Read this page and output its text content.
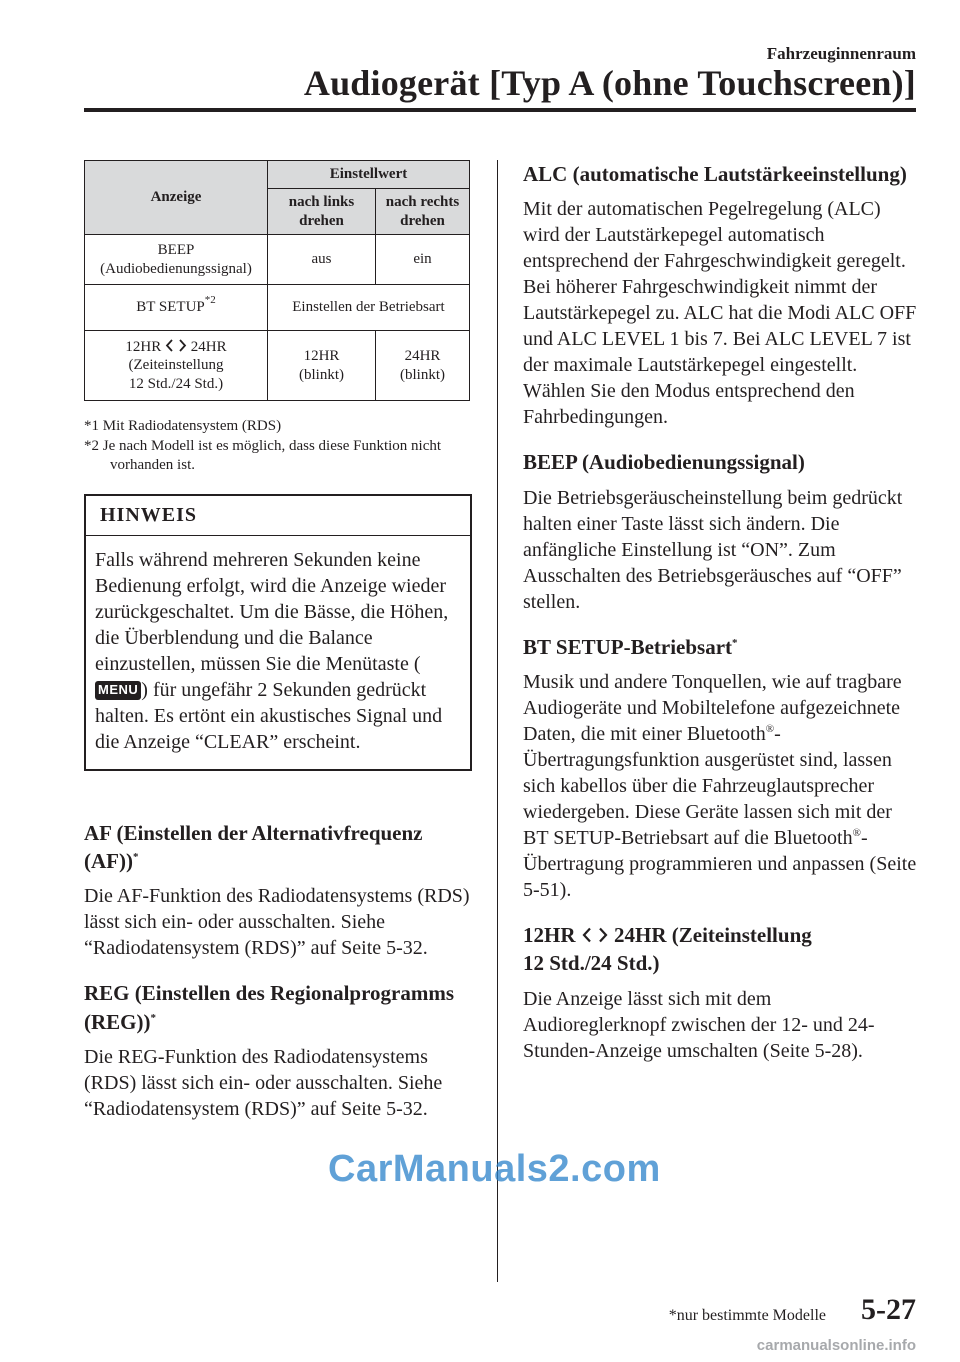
Fahrzeuginnenraum
Audiogerät [Typ A (ohne Touchscreen)]
Anzeige	Einstellwert	
	nach links drehen	nach rechts drehen
BEEP
(Audiobedienungssignal)	aus	ein
BT SETUP$^{*2}$	Einstellen der Betriebsart	
12HR 24HR
(Zeiteinstellung
12 Std./24 Std.)	12HR (blinkt)	24HR (blinkt)
*1 Mit Radiodatensystem (RDS)
*2 Je nach Modell ist es möglich, dass diese Funktion nicht vorhanden ist.
HINWEIS
Falls während mehreren Sekunden keine Bedienung erfolgt, wird die Anzeige wieder zurückgeschaltet. Um die Bässe, die Höhen, die Überblendung und die Balance einzustellen, müssen Sie die Menütaste (MENU ) für ungefähr 2 Sekunden gedrückt halten. Es ertönt ein akustisches Signal und die Anzeige “CLEAR” erscheint.
AF (Einstellen der Alternativfrequenz (AF))*

Die AF-Funktion des Radiodatensystems (RDS) lässt sich ein- oder ausschalten. Siehe “Radiodatensystem (RDS)” auf Seite 5-32.

REG (Einstellen des Regionalprogramms (REG))*

Die REG-Funktion des Radiodatensystems (RDS) lässt sich ein- oder ausschalten. Siehe “Radiodatensystem (RDS)” auf Seite 5-32.

ALC (automatische Lautstärkeeinstellung)

Mit der automatischen Pegelregelung (ALC) wird der Lautstärkepegel automatisch entsprechend der Fahrgeschwindigkeit geregelt. Bei höherer Fahrgeschwindigkeit nimmt der Lautstärkepegel zu. ALC hat die Modi ALC OFF und ALC LEVEL 1 bis 7. Bei ALC LEVEL 7 ist der maximale Lautstärkepegel eingestellt. Wählen Sie den Modus entsprechend den Fahrbedingungen.

BEEP (Audiobedienungssignal)

Die Betriebsgeräuscheinstellung beim gedrückt halten einer Taste lässt sich ändern. Die anfängliche Einstellung ist “ON”. Zum Ausschalten des Betriebsgeräusches auf “OFF” stellen.

BT SETUP-Betriebsart*

Musik und andere Tonquellen, wie auf tragbare Audiogeräte und Mobiltelefone aufgezeichnete Daten, die mit einer Bluetooth®-Übertragungsfunktion ausgerüstet sind, lassen sich kabellos über die Fahrzeuglautsprecher wiedergeben. Diese Geräte lassen sich mit der BT SETUP-Betriebsart auf die Bluetooth®-Übertragung programmieren und anpassen (Seite 5-51).

12HR 24HR (Zeiteinstellung
12 Std./24 Std.)

Die Anzeige lässt sich mit dem Audioreglerknopf zwischen der 12- und 24-Stunden-Anzeige umschalten (Seite 5-28).

*nur bestimmte Modelle 5-27
CarManuals2.com
carmanualsonline.info
